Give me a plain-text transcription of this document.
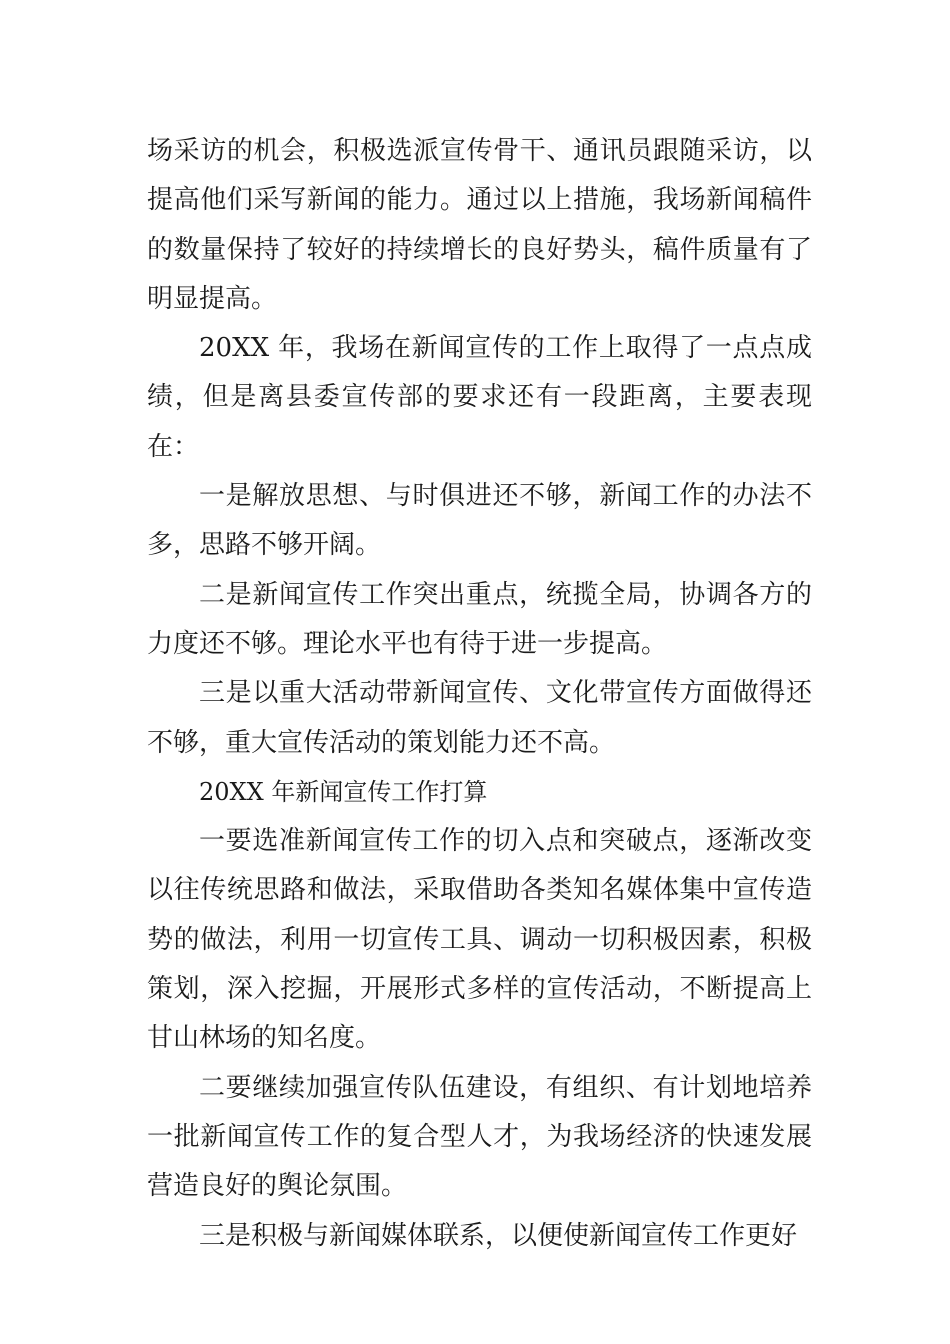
场采访的机会，积极选派宣传骨干、通讯员跟随采访，以提高他们采写新闻的能力。通过以上措施，我场新闻稿件的数量保持了较好的持续增长的良好势头，稿件质量有了明显提高。

20XX 年，我场在新闻宣传的工作上取得了一点点成绩，但是离县委宣传部的要求还有一段距离，主要表现在：

一是解放思想、与时俱进还不够，新闻工作的办法不多，思路不够开阔。

二是新闻宣传工作突出重点，统揽全局，协调各方的力度还不够。理论水平也有待于进一步提高。

三是以重大活动带新闻宣传、文化带宣传方面做得还不够，重大宣传活动的策划能力还不高。

20XX 年新闻宣传工作打算

一要选准新闻宣传工作的切入点和突破点，逐渐改变以往传统思路和做法，采取借助各类知名媒体集中宣传造势的做法，利用一切宣传工具、调动一切积极因素，积极策划，深入挖掘，开展形式多样的宣传活动，不断提高上甘山林场的知名度。

二要继续加强宣传队伍建设，有组织、有计划地培养一批新闻宣传工作的复合型人才，为我场经济的快速发展营造良好的舆论氛围。

三是积极与新闻媒体联系，以便使新闻宣传工作更好
